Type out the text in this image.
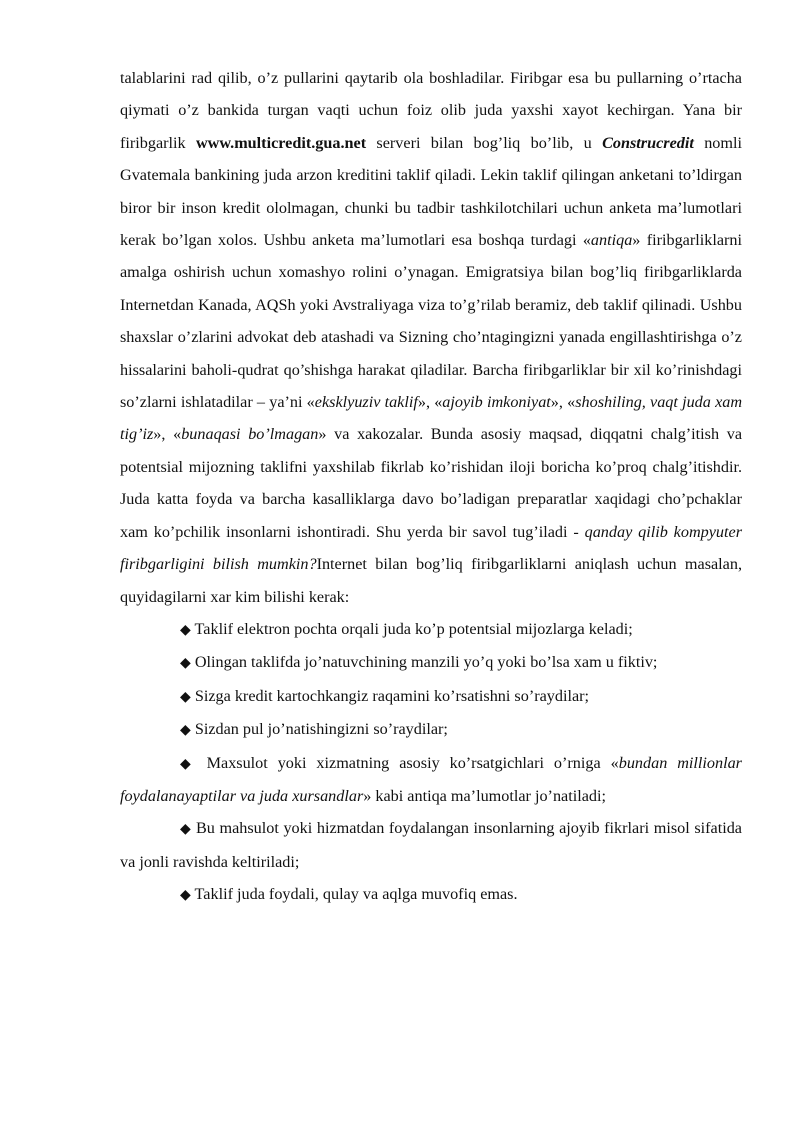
talablarini rad qilib, o’z pullarini qaytarib ola boshladilar. Firibgar esa bu pullarning o’rtacha qiymati o’z bankida turgan vaqti uchun foiz olib juda yaxshi xayot kechirgan. Yana bir firibgarlik www.multicredit.gua.net serveri bilan bog’liq bo’lib, u Construcredit nomli Gvatemala bankining juda arzon kreditini taklif qiladi. Lekin taklif qilingan anketani to’ldirgan biror bir inson kredit ololmagan, chunki bu tadbir tashkilotchilari uchun anketa ma’lumotlari kerak bo’lgan xolos. Ushbu anketa ma’lumotlari esa boshqa turdagi «antiqa» firibgarliklarni amalga oshirish uchun xomashyo rolini o’ynagan. Emigratsiya bilan bog’liq firibgarliklarda Internetdan Kanada, AQSh yoki Avstraliyaga viza to’g’rilab beramiz, deb taklif qilinadi. Ushbu shaxslar o’zlarini advokat deb atashadi va Sizning cho’ntagingizni yanada engillashtirishga o’z hissalarini baholi-qudrat qo’shishga harakat qiladilar. Barcha firibgarliklar bir xil ko’rinishdagi so’zlarni ishlatadilar – ya’ni «eksklyuziv taklif», «ajoyib imkoniyat», «shoshiling, vaqt juda xam tig’iz», «bunaqasi bo’lmagan» va xakozalar. Bunda asosiy maqsad, diqqatni chalg’itish va potentsial mijozning taklifni yaxshilab fikrlab ko’rishidan iloji boricha ko’proq chalg’itishdir. Juda katta foyda va barcha kasalliklarga davo bo’ladigan preparatlar xaqidagi cho’pchaklar xam ko’pchilik insonlarni ishontiradi. Shu yerda bir savol tug’iladi - qanday qilib kompyuter firibgarligini bilish mumkin?Internet bilan bog’liq firibgarliklarni aniqlash uchun masalan, quyidagilarni xar kim bilishi kerak:

◆ Taklif elektron pochta orqali juda ko’p potentsial mijozlarga keladi;

◆ Olingan taklifda jo’natuvchining manzili yo’q yoki bo’lsa xam u fiktiv;

◆ Sizga kredit kartochkangiz raqamini ko’rsatishni so’raydilar;

◆ Sizdan pul jo’natishingizni so’raydilar;

◆ Maxsulot yoki xizmatning asosiy ko’rsatgichlari o’rniga «bundan millionlar foydalanayaptilar va juda xursandlar» kabi antiqa ma’lumotlar jo’natiladi;

◆ Bu mahsulot yoki hizmatdan foydalangan insonlarning ajoyib fikrlari misol sifatida va jonli ravishda keltiriladi;

◆ Taklif juda foydali, qulay va aqlga muvofiq emas.
